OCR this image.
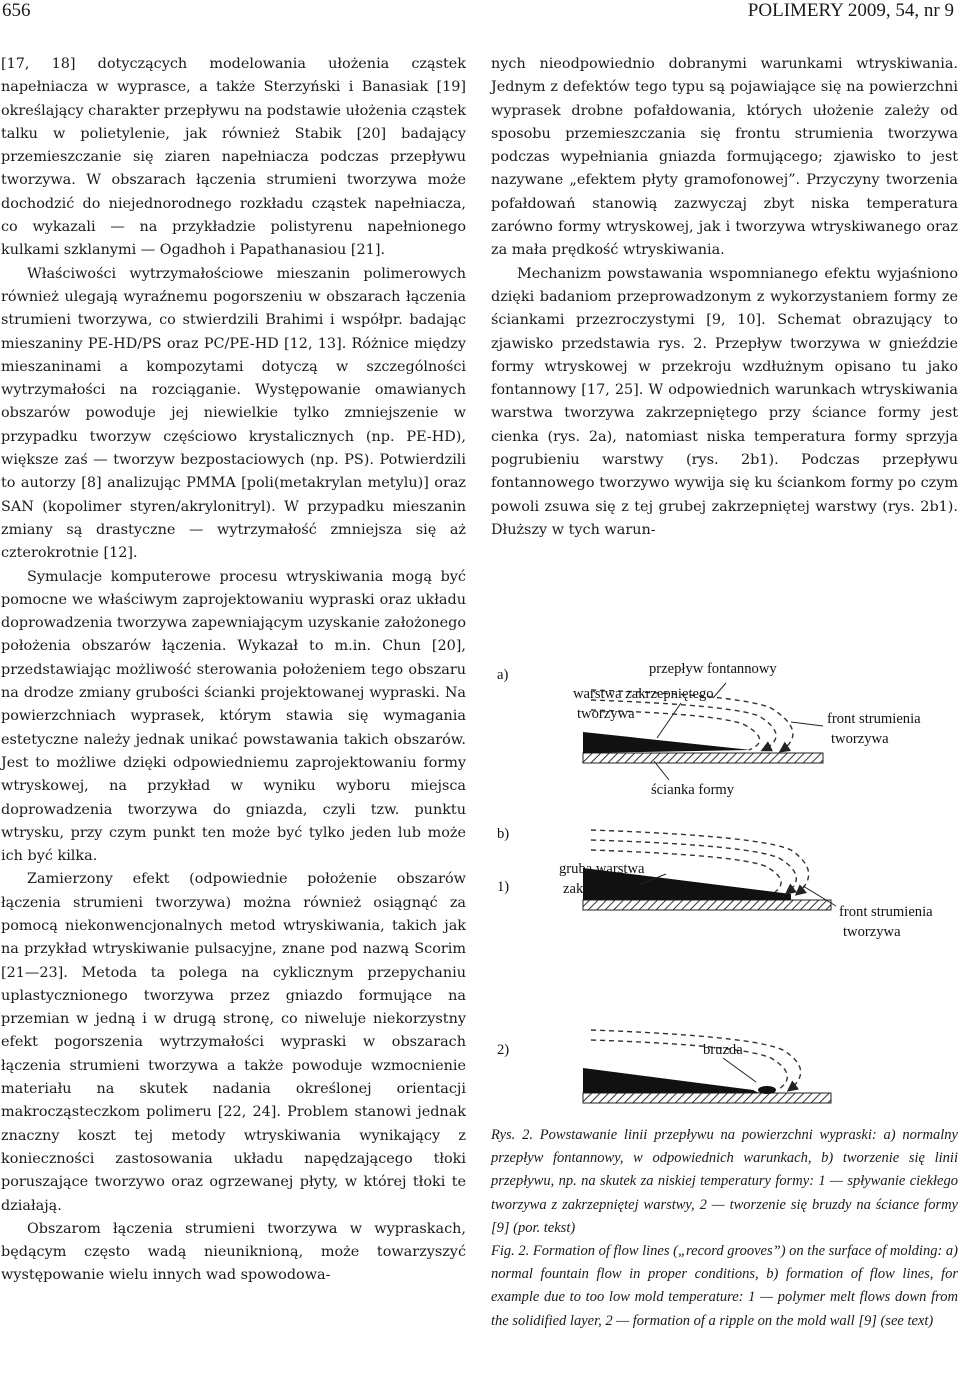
656	POLIMERY 2009, 54, nr 9

[17, 18] dotyczących modelowania ułożenia cząstek napełniacza w wyprasce, a także Sterzyński i Banasiak [19] określający charakter przepływu na podstawie ułożenia cząstek talku w polietylenie, jak również Stabik [20] badający przemieszczanie się ziaren napełniacza podczas przepływu tworzywa. W obszarach łączenia strumieni tworzywa może dochodzić do niejednorodnego rozkładu cząstek napełniacza, co wykazali — na przykładzie polistyrenu napełnionego kulkami szklanymi — Ogadhoh i Papathanasiou [21].

Właściwości wytrzymałościowe mieszanin polimerowych również ulegają wyraźnemu pogorszeniu w obszarach łączenia strumieni tworzywa, co stwierdzili Brahimi i współpr. badając mieszaniny PE-HD/PS oraz PC/PE-HD [12, 13]. Różnice między mieszaninami a kompozytami dotyczą w szczególności wytrzymałości na rozciąganie. Występowanie omawianych obszarów powoduje jej niewielkie tylko zmniejszenie w przypadku tworzyw częściowo krystalicznych (np. PE-HD), większe zaś — tworzyw bezpostaciowych (np. PS). Potwierdzili to autorzy [8] analizując PMMA [poli(metakrylan metylu)] oraz SAN (kopolimer styren/akrylonitryl). W przypadku mieszanin zmiany są drastyczne — wytrzymałość zmniejsza się aż czterokrotnie [12].

Symulacje komputerowe procesu wtryskiwania mogą być pomocne we właściwym zaprojektowaniu wypraski oraz układu doprowadzenia tworzywa zapewniającym uzyskanie założonego położenia obszarów łączenia. Wykazał to m.in. Chun [20], przedstawiając możliwość sterowania położeniem tego obszaru na drodze zmiany grubości ścianki projektowanej wypraski. Na powierzchniach wyprasek, którym stawia się wymagania estetyczne należy jednak unikać powstawania takich obszarów. Jest to możliwe dzięki odpowiedniemu zaprojektowaniu formy wtryskowej, na przykład w wyniku wyboru miejsca doprowadzenia tworzywa do gniazda, czyli tzw. punktu wtrysku, przy czym punkt ten może być tylko jeden lub może ich być kilka.

Zamierzony efekt (odpowiednie położenie obszarów łączenia strumieni tworzywa) można również osiągnąć za pomocą niekonwencjonalnych metod wtryskiwania, takich jak na przykład wtryskiwanie pulsacyjne, znane pod nazwą Scorim [21—23]. Metoda ta polega na cyklicznym przepychaniu uplastycznionego tworzywa przez gniazdo formujące na przemian w jedną i w drugą stronę, co niweluje niekorzystny efekt pogorszenia wytrzymałości wypraski w obszarach łączenia strumieni tworzywa a także powoduje wzmocnienie materiału na skutek nadania określonej orientacji makrocząsteczkom polimeru [22, 24]. Problem stanowi jednak znaczny koszt tej metody wtryskiwania wynikający z konieczności zastosowania układu napędzającego tłoki poruszające tworzywo oraz ogrzewanej płyty, w której tłoki te działają.

Obszarom łączenia strumieni tworzywa w wypraskach, będącym często wadą nieuniknioną, może towarzyszyć występowanie wielu innych wad spowodowa-

nych nieodpowiednio dobranymi warunkami wtryskiwania. Jednym z defektów tego typu są pojawiające się na powierzchni wyprasek drobne pofałdowania, których ułożenie zależy od sposobu przemieszczania się frontu strumienia tworzywa podczas wypełniania gniazda formującego; zjawisko to jest nazywane „efektem płyty gramofonowej”. Przyczyny tworzenia pofałdowań stanowią zazwyczaj zbyt niska temperatura zarówno formy wtryskowej, jak i tworzywa wtryskiwanego oraz za mała prędkość wtryskiwania.

Mechanizm powstawania wspomnianego efektu wyjaśniono dzięki badaniom przeprowadzonym z wykorzystaniem formy ze ściankami przezroczystymi [9, 10]. Schemat obrazujący to zjawisko przedstawia rys. 2. Przepływ tworzywa w gnieździe formy wtryskowej w przekroju wzdłużnym opisano tu jako fontannowy [17, 25]. W odpowiednich warunkach wtryskiwania warstwa tworzywa zakrzepniętego przy ściance formy jest cienka (rys. 2a), natomiast niska temperatura formy sprzyja pogrubieniu warstwy (rys. 2b1). Podczas przepływu fontannowego tworzywo wywija się ku ściankom formy po czym powoli zsuwa się z tej grubej zakrzepniętej warstwy (rys. 2b1). Dłuższy w tych warun-

a)	przepływ fontannowy
warstwa zakrzepniętego
tworzywa	front strumienia
tworzywa
ścianka formy
b)
1)
gruba warstwa
zakrzepniętego tworzywa
front strumienia
tworzywa
2)	bruzda

Rys. 2. Powstawanie linii przepływu na powierzchni wypraski: a) normalny przepływ fontannowy, w odpowiednich warunkach, b) tworzenie się linii przepływu, np. na skutek za niskiej temperatury formy: 1 — spływanie ciekłego tworzywa z zakrzepniętej warstwy, 2 — tworzenie się bruzdy na ściance formy [9] (por. tekst)

Fig. 2. Formation of flow lines („record grooves”) on the surface of molding: a) normal fountain flow in proper conditions, b) formation of flow lines, for example due to too low mold temperature: 1 — polymer melt flows down from the solidified layer, 2 — formation of a ripple on the mold wall [9] (see text)
